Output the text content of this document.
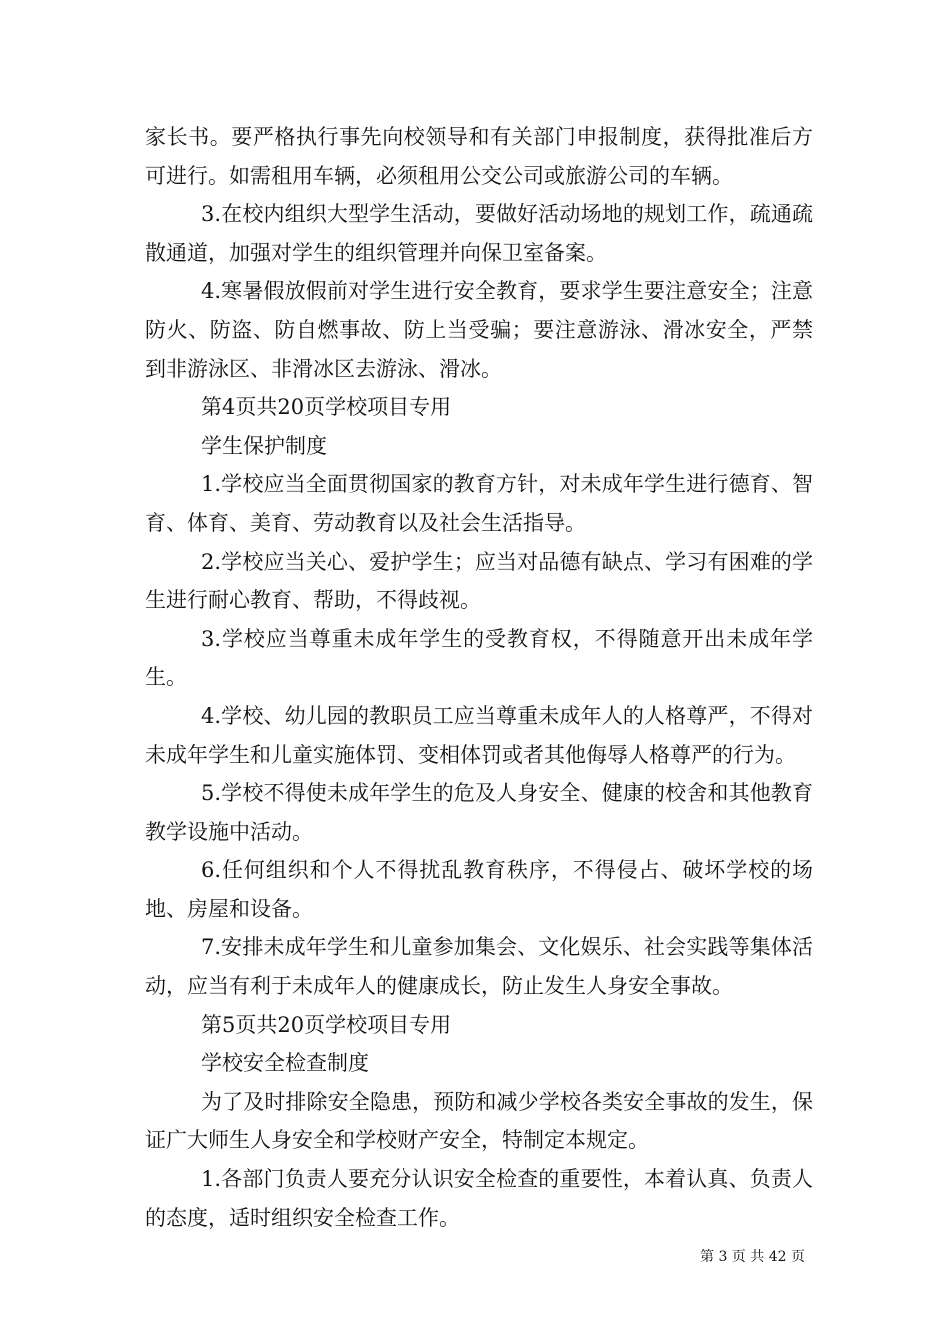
家长书。要严格执行事先向校领导和有关部门申报制度，获得批准后方可进行。如需租用车辆，必须租用公交公司或旅游公司的车辆。

3.在校内组织大型学生活动，要做好活动场地的规划工作，疏通疏散通道，加强对学生的组织管理并向保卫室备案。

4.寒暑假放假前对学生进行安全教育，要求学生要注意安全；注意防火、防盗、防自燃事故、防上当受骗；要注意游泳、滑冰安全，严禁到非游泳区、非滑冰区去游泳、滑冰。

第4页共20页学校项目专用

学生保护制度

1.学校应当全面贯彻国家的教育方针，对未成年学生进行德育、智育、体育、美育、劳动教育以及社会生活指导。

2.学校应当关心、爱护学生；应当对品德有缺点、学习有困难的学生进行耐心教育、帮助，不得歧视。

3.学校应当尊重未成年学生的受教育权，不得随意开出未成年学生。

4.学校、幼儿园的教职员工应当尊重未成年人的人格尊严，不得对未成年学生和儿童实施体罚、变相体罚或者其他侮辱人格尊严的行为。

5.学校不得使未成年学生的危及人身安全、健康的校舍和其他教育教学设施中活动。

6.任何组织和个人不得扰乱教育秩序，不得侵占、破坏学校的场地、房屋和设备。

7.安排未成年学生和儿童参加集会、文化娱乐、社会实践等集体活动，应当有利于未成年人的健康成长，防止发生人身安全事故。

第5页共20页学校项目专用

学校安全检查制度

为了及时排除安全隐患，预防和减少学校各类安全事故的发生，保证广大师生人身安全和学校财产安全，特制定本规定。

1.各部门负责人要充分认识安全检查的重要性，本着认真、负责人的态度，适时组织安全检查工作。

第 3 页 共 42 页
